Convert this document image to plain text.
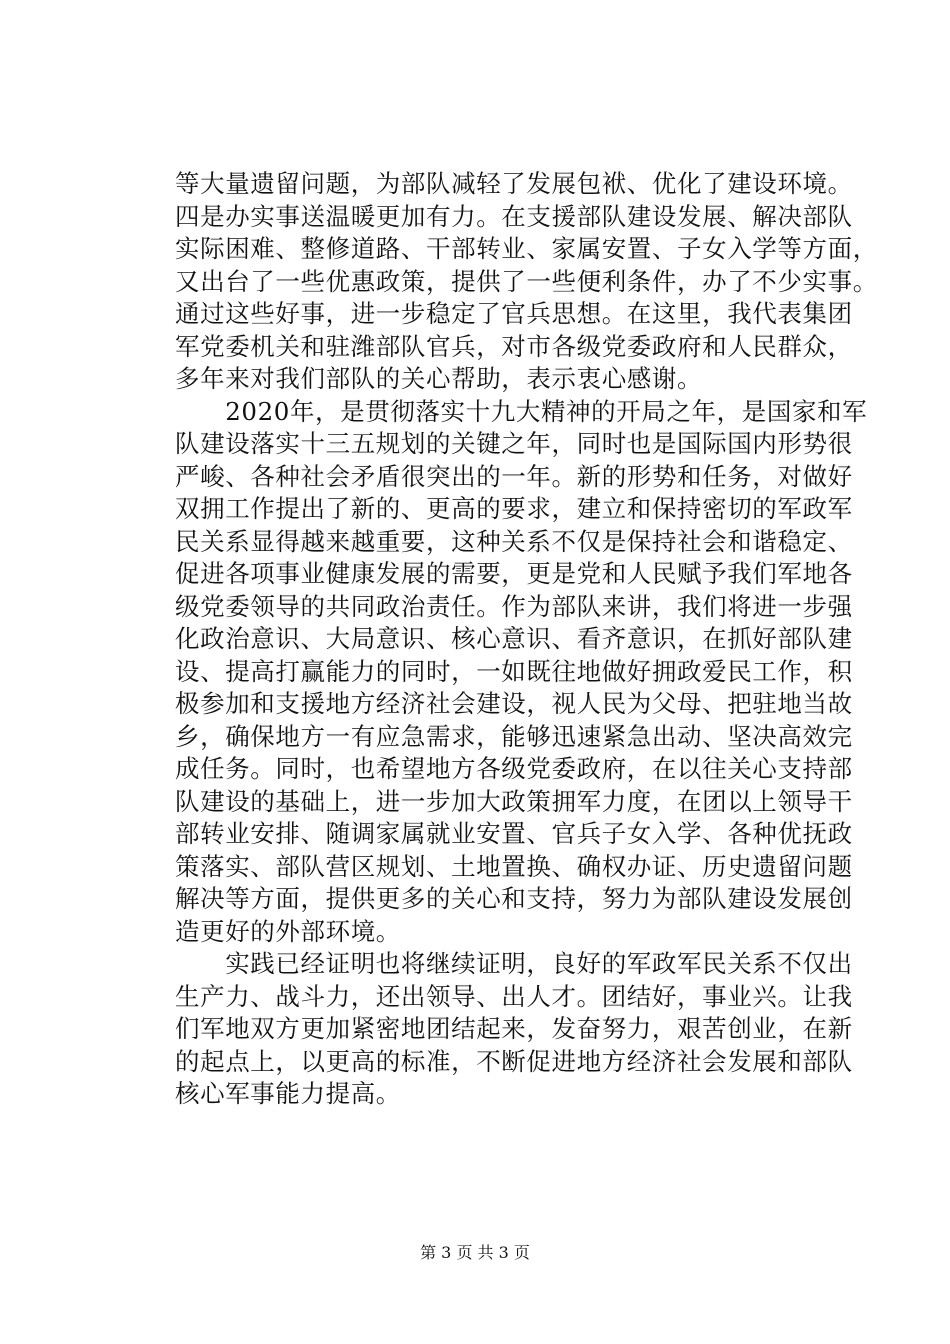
等大量遗留问题，为部队减轻了发展包袱、优化了建设环境。
四是办实事送温暖更加有力。在支援部队建设发展、解决部队
实际困难、整修道路、干部转业、家属安置、子女入学等方面，
又出台了一些优惠政策，提供了一些便利条件，办了不少实事。
通过这些好事，进一步稳定了官兵思想。在这里，我代表集团
军党委机关和驻潍部队官兵，对市各级党委政府和人民群众，
多年来对我们部队的关心帮助，表示衷心感谢。
　　2020年，是贯彻落实十九大精神的开局之年，是国家和军
队建设落实十三五规划的关键之年，同时也是国际国内形势很
严峻、各种社会矛盾很突出的一年。新的形势和任务，对做好
双拥工作提出了新的、更高的要求，建立和保持密切的军政军
民关系显得越来越重要，这种关系不仅是保持社会和谐稳定、
促进各项事业健康发展的需要，更是党和人民赋予我们军地各
级党委领导的共同政治责任。作为部队来讲，我们将进一步强
化政治意识、大局意识、核心意识、看齐意识，在抓好部队建
设、提高打赢能力的同时，一如既往地做好拥政爱民工作，积
极参加和支援地方经济社会建设，视人民为父母、把驻地当故
乡，确保地方一有应急需求，能够迅速紧急出动、坚决高效完
成任务。同时，也希望地方各级党委政府，在以往关心支持部
队建设的基础上，进一步加大政策拥军力度，在团以上领导干
部转业安排、随调家属就业安置、官兵子女入学、各种优抚政
策落实、部队营区规划、土地置换、确权办证、历史遗留问题
解决等方面，提供更多的关心和支持，努力为部队建设发展创
造更好的外部环境。
　　实践已经证明也将继续证明，良好的军政军民关系不仅出
生产力、战斗力，还出领导、出人才。团结好，事业兴。让我
们军地双方更加紧密地团结起来，发奋努力，艰苦创业，在新
的起点上，以更高的标准，不断促进地方经济社会发展和部队
核心军事能力提高。
第 3 页 共 3 页
